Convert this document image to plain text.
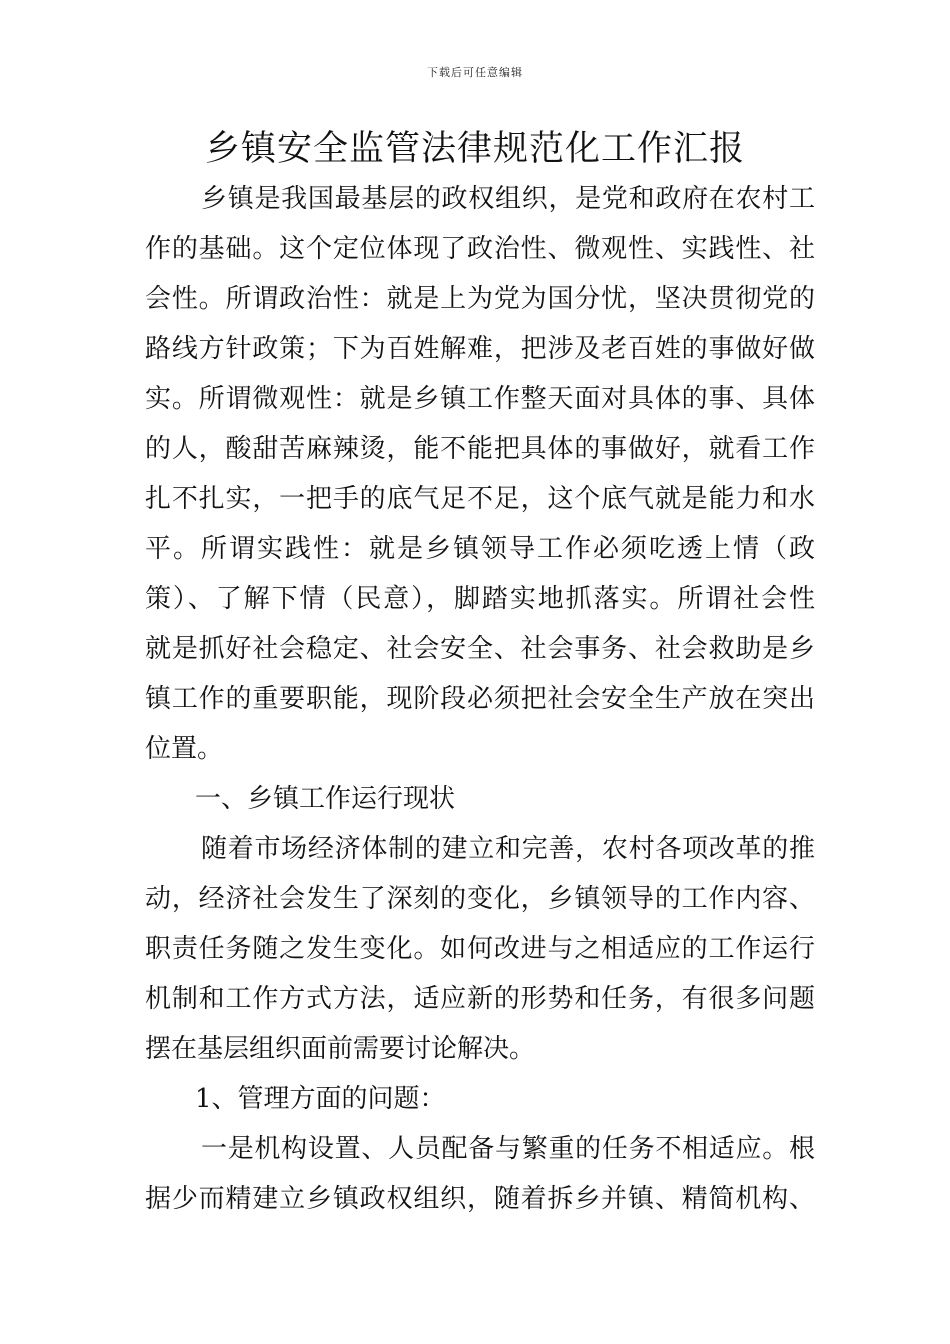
下载后可任意编辑
乡镇安全监管法律规范化工作汇报
乡镇是我国最基层的政权组织，是党和政府在农村工
作的基础。这个定位体现了政治性、微观性、实践性、社
会性。所谓政治性：就是上为党为国分忧，坚决贯彻党的
路线方针政策；下为百姓解难，把涉及老百姓的事做好做
实。所谓微观性：就是乡镇工作整天面对具体的事、具体
的人，酸甜苦麻辣烫，能不能把具体的事做好，就看工作
扎不扎实，一把手的底气足不足，这个底气就是能力和水
平。所谓实践性：就是乡镇领导工作必须吃透上情（政
策）、了解下情（民意），脚踏实地抓落实。所谓社会性
就是抓好社会稳定、社会安全、社会事务、社会救助是乡
镇工作的重要职能，现阶段必须把社会安全生产放在突出
位置。
一、乡镇工作运行现状
随着市场经济体制的建立和完善，农村各项改革的推
动，经济社会发生了深刻的变化，乡镇领导的工作内容、
职责任务随之发生变化。如何改进与之相适应的工作运行
机制和工作方式方法，适应新的形势和任务，有很多问题
摆在基层组织面前需要讨论解决。
1、管理方面的问题：
一是机构设置、人员配备与繁重的任务不相适应。根
据少而精建立乡镇政权组织，随着拆乡并镇、精简机构、
